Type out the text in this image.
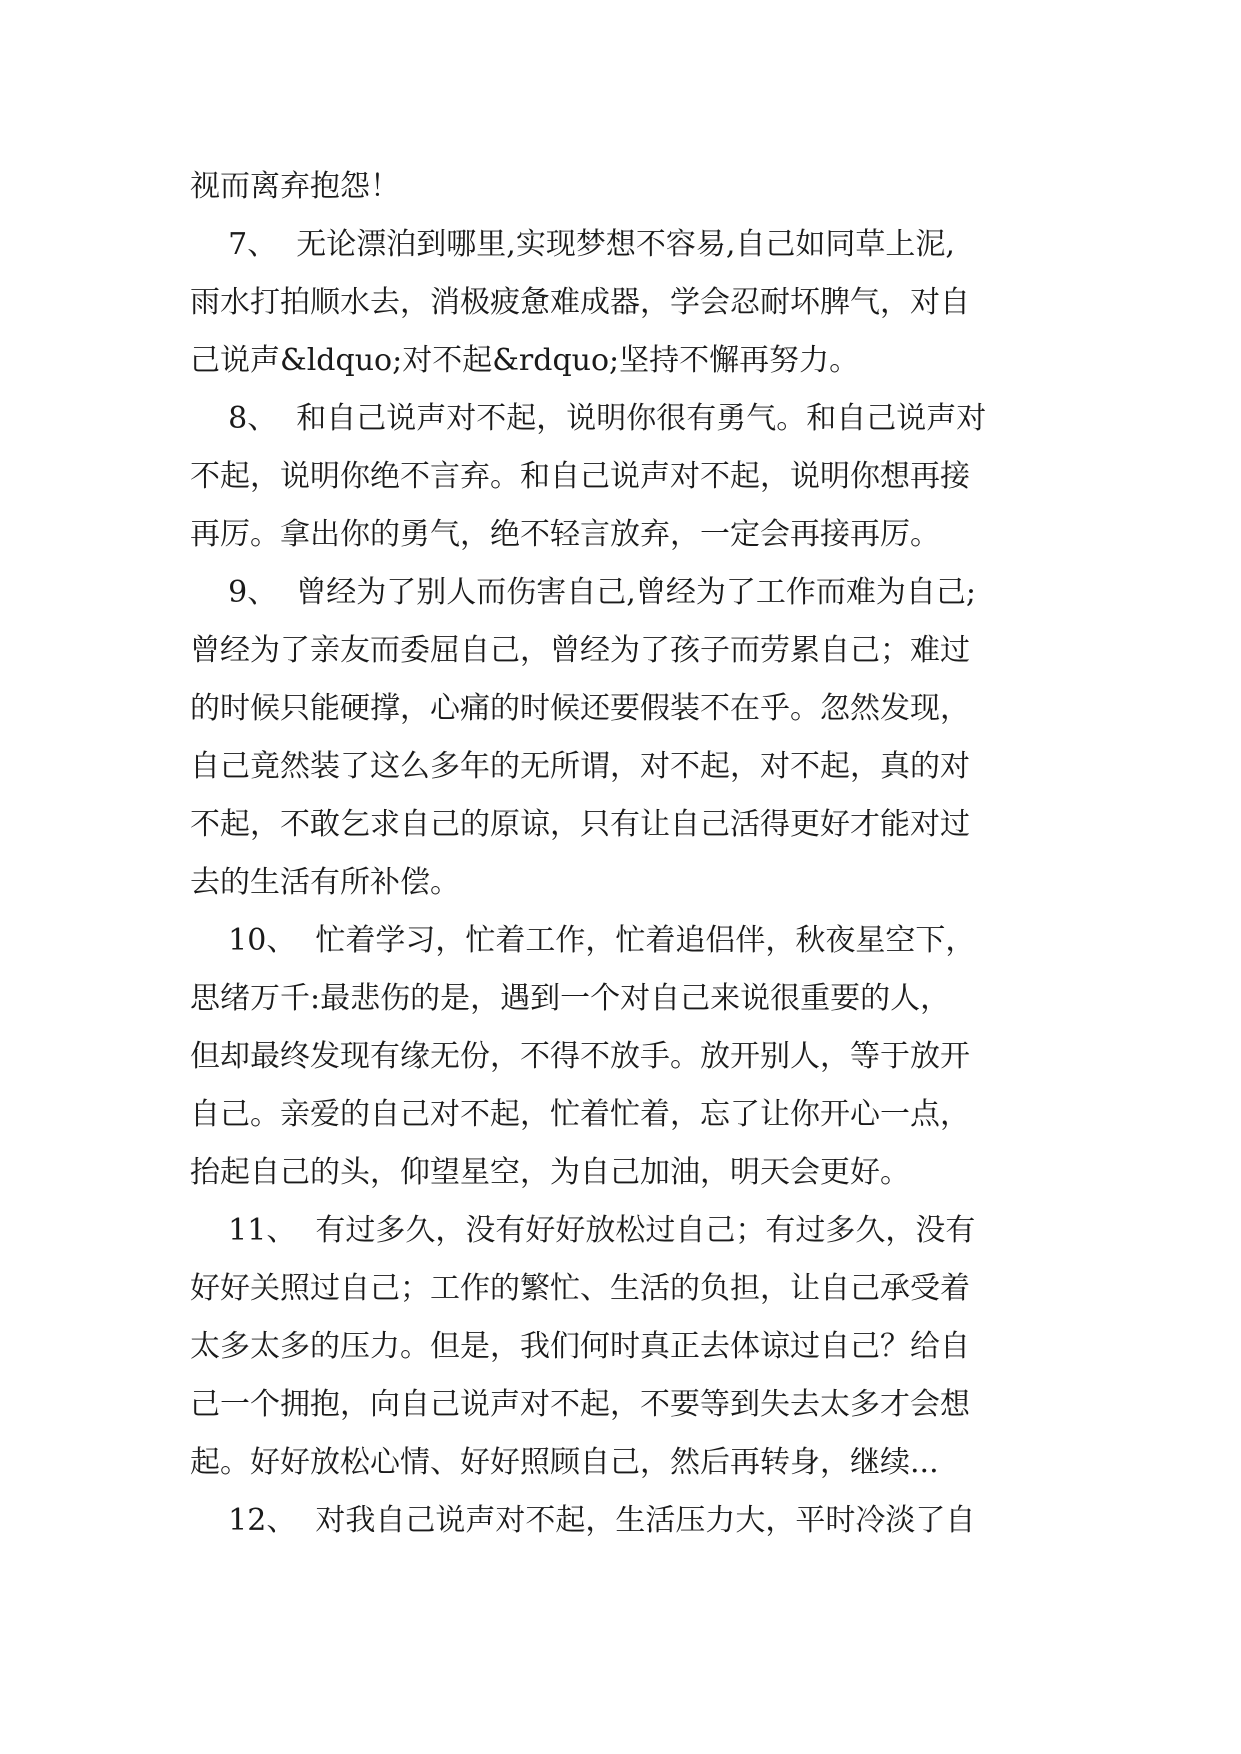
视而离弃抱怨！
7、  无论漂泊到哪里,实现梦想不容易,自己如同草上泥,
雨水打拍顺水去，消极疲惫难成器，学会忍耐坏脾气，对自
己说声&ldquo;对不起&rdquo;坚持不懈再努力。
8、  和自己说声对不起，说明你很有勇气。和自己说声对
不起，说明你绝不言弃。和自己说声对不起，说明你想再接
再厉。拿出你的勇气，绝不轻言放弃，一定会再接再厉。
9、  曾经为了别人而伤害自己,曾经为了工作而难为自己;
曾经为了亲友而委屈自己，曾经为了孩子而劳累自己；难过
的时候只能硬撑，心痛的时候还要假装不在乎。忽然发现，
自己竟然装了这么多年的无所谓，对不起，对不起，真的对
不起，不敢乞求自己的原谅，只有让自己活得更好才能对过
去的生活有所补偿。
10、  忙着学习，忙着工作，忙着追侣伴，秋夜星空下，
思绪万千:最悲伤的是，遇到一个对自己来说很重要的人，
但却最终发现有缘无份，不得不放手。放开别人，等于放开
自己。亲爱的自己对不起，忙着忙着，忘了让你开心一点，
抬起自己的头，仰望星空，为自己加油，明天会更好。
11、  有过多久，没有好好放松过自己；有过多久，没有
好好关照过自己；工作的繁忙、生活的负担，让自己承受着
太多太多的压力。但是，我们何时真正去体谅过自己？给自
己一个拥抱，向自己说声对不起，不要等到失去太多才会想
起。好好放松心情、好好照顾自己，然后再转身，继续...
12、  对我自己说声对不起，生活压力大，平时冷淡了自
